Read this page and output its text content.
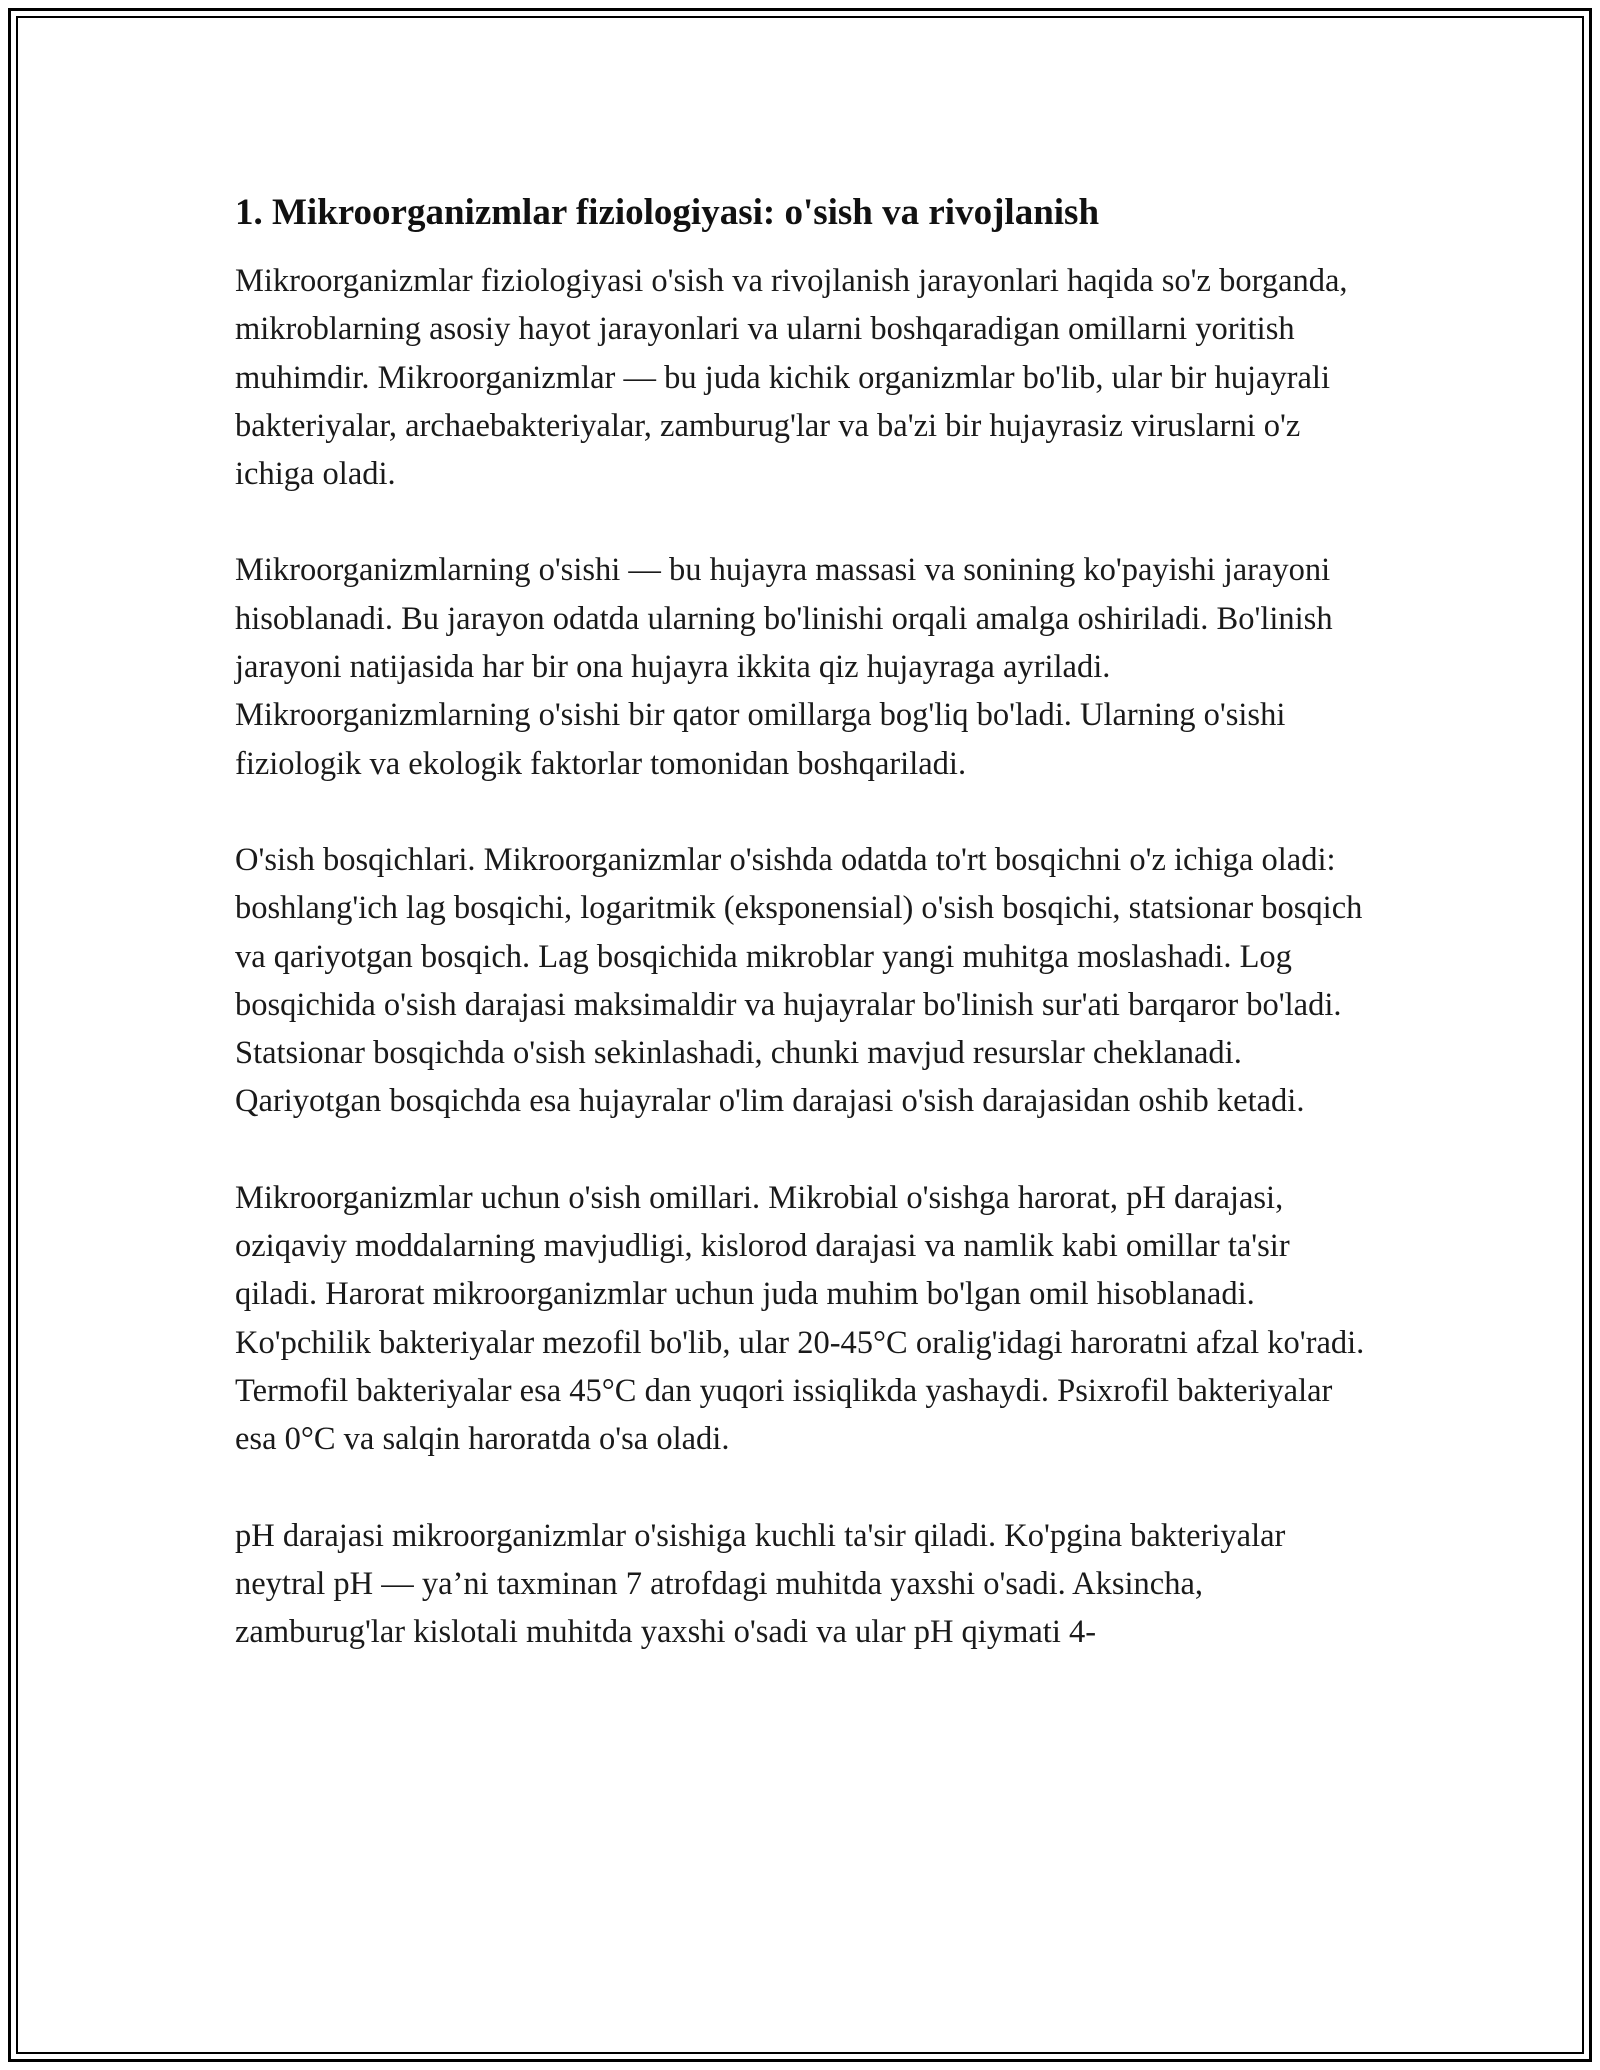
1. Mikroorganizmlar fiziologiyasi: o'sish va rivojlanish
Mikroorganizmlar fiziologiyasi o'sish va rivojlanish jarayonlari haqida so'z borganda, mikroblarning asosiy hayot jarayonlari va ularni boshqaradigan omillarni yoritish muhimdir. Mikroorganizmlar — bu juda kichik organizmlar bo'lib, ular bir hujayrali bakteriyalar, archaebakteriyalar, zamburug'lar va ba'zi bir hujayrasiz viruslarni o'z ichiga oladi.
Mikroorganizmlarning o'sishi — bu hujayra massasi va sonining ko'payishi jarayoni hisoblanadi. Bu jarayon odatda ularning bo'linishi orqali amalga oshiriladi. Bo'linish jarayoni natijasida har bir ona hujayra ikkita qiz hujayraga ayriladi. Mikroorganizmlarning o'sishi bir qator omillarga bog'liq bo'ladi. Ularning o'sishi fiziologik va ekologik faktorlar tomonidan boshqariladi.
O'sish bosqichlari. Mikroorganizmlar o'sishda odatda to'rt bosqichni o'z ichiga oladi: boshlang'ich lag bosqichi, logaritmik (eksponensial) o'sish bosqichi, statsionar bosqich va qariyotgan bosqich. Lag bosqichida mikroblar yangi muhitga moslashadi. Log bosqichida o'sish darajasi maksimaldir va hujayralar bo'linish sur'ati barqaror bo'ladi. Statsionar bosqichda o'sish sekinlashadi, chunki mavjud resurslar cheklanadi. Qariyotgan bosqichda esa hujayralar o'lim darajasi o'sish darajasidan oshib ketadi.
Mikroorganizmlar uchun o'sish omillari. Mikrobial o'sishga harorat, pH darajasi, oziqaviy moddalarning mavjudligi, kislorod darajasi va namlik kabi omillar ta'sir qiladi. Harorat mikroorganizmlar uchun juda muhim bo'lgan omil hisoblanadi. Ko'pchilik bakteriyalar mezofil bo'lib, ular 20-45°C oralig'idagi haroratni afzal ko'radi. Termofil bakteriyalar esa 45°C dan yuqori issiqlikda yashaydi. Psixrofil bakteriyalar esa 0°C va salqin haroratda o'sa oladi.
pH darajasi mikroorganizmlar o'sishiga kuchli ta'sir qiladi. Ko'pgina bakteriyalar neytral pH — ya’ni taxminan 7 atrofdagi muhitda yaxshi o'sadi. Aksincha, zamburug'lar kislotali muhitda yaxshi o'sadi va ular pH qiymati 4-
